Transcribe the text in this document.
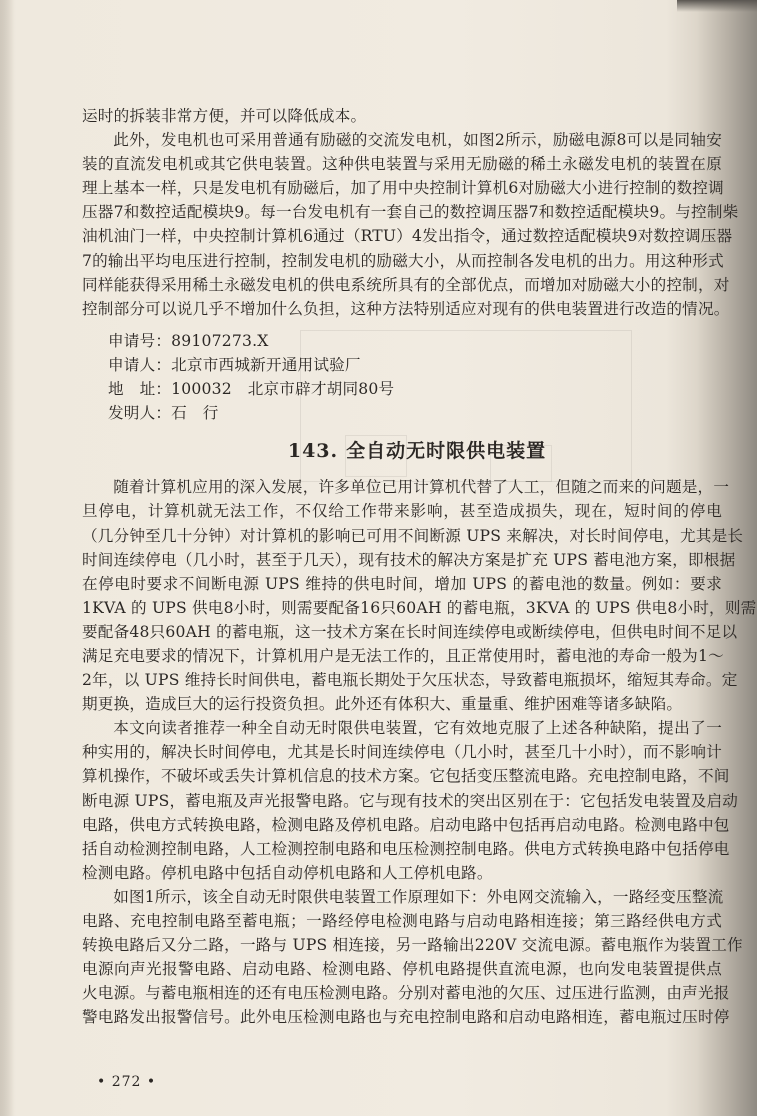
运时的拆装非常方便，并可以降低成本。

此外，发电机也可采用普通有励磁的交流发电机，如图2所示，励磁电源8可以是同轴安
装的直流发电机或其它供电装置。这种供电装置与采用无励磁的稀土永磁发电机的装置在原
理上基本一样，只是发电机有励磁后，加了用中央控制计算机6对励磁大小进行控制的数控调
压器7和数控适配模块9。每一台发电机有一套自己的数控调压器7和数控适配模块9。与控制柴
油机油门一样，中央控制计算机6通过（RTU）4发出指令，通过数控适配模块9对数控调压器
7的输出平均电压进行控制，控制发电机的励磁大小，从而控制各发电机的出力。用这种形式
同样能获得采用稀土永磁发电机的供电系统所具有的全部优点，而增加对励磁大小的控制，对
控制部分可以说几乎不增加什么负担，这种方法特别适应对现有的供电装置进行改造的情况。

申请号：89107273.X
申请人：北京市西城新开通用试验厂
地　址：100032　北京市辟才胡同80号
发明人：石　行
143. 全自动无时限供电装置

随着计算机应用的深入发展，许多单位已用计算机代替了人工，但随之而来的问题是，一
旦停电，计算机就无法工作，不仅给工作带来影响，甚至造成损失，现在，短时间的停电
（几分钟至几十分钟）对计算机的影响已可用不间断源 UPS 来解决，对长时间停电，尤其是长
时间连续停电（几小时，甚至于几天），现有技术的解决方案是扩充 UPS 蓄电池方案，即根据
在停电时要求不间断电源 UPS 维持的供电时间，增加 UPS 的蓄电池的数量。例如：要求
1KVA 的 UPS 供电8小时，则需要配备16只60AH 的蓄电瓶，3KVA 的 UPS 供电8小时，则需
要配备48只60AH 的蓄电瓶，这一技术方案在长时间连续停电或断续停电，但供电时间不足以
满足充电要求的情况下，计算机用户是无法工作的，且正常使用时，蓄电池的寿命一般为1～
2年，以 UPS 维持长时间供电，蓄电瓶长期处于欠压状态，导致蓄电瓶损坏，缩短其寿命。定
期更换，造成巨大的运行投资负担。此外还有体积大、重量重、维护困难等诸多缺陷。

本文向读者推荐一种全自动无时限供电装置，它有效地克服了上述各种缺陷，提出了一
种实用的，解决长时间停电，尤其是长时间连续停电（几小时，甚至几十小时），而不影响计
算机操作，不破坏或丢失计算机信息的技术方案。它包括变压整流电路。充电控制电路，不间
断电源 UPS，蓄电瓶及声光报警电路。它与现有技术的突出区别在于：它包括发电装置及启动
电路，供电方式转换电路，检测电路及停机电路。启动电路中包括再启动电路。检测电路中包
括自动检测控制电路，人工检测控制电路和电压检测控制电路。供电方式转换电路中包括停电
检测电路。停机电路中包括自动停机电路和人工停机电路。

如图1所示，该全自动无时限供电装置工作原理如下：外电网交流输入，一路经变压整流
电路、充电控制电路至蓄电瓶；一路经停电检测电路与启动电路相连接；第三路经供电方式
转换电路后又分二路，一路与 UPS 相连接，另一路输出220V 交流电源。蓄电瓶作为装置工作
电源向声光报警电路、启动电路、检测电路、停机电路提供直流电源，也向发电装置提供点
火电源。与蓄电瓶相连的还有电压检测电路。分别对蓄电池的欠压、过压进行监测，由声光报
警电路发出报警信号。此外电压检测电路也与充电控制电路和启动电路相连，蓄电瓶过压时停

• 272 •
